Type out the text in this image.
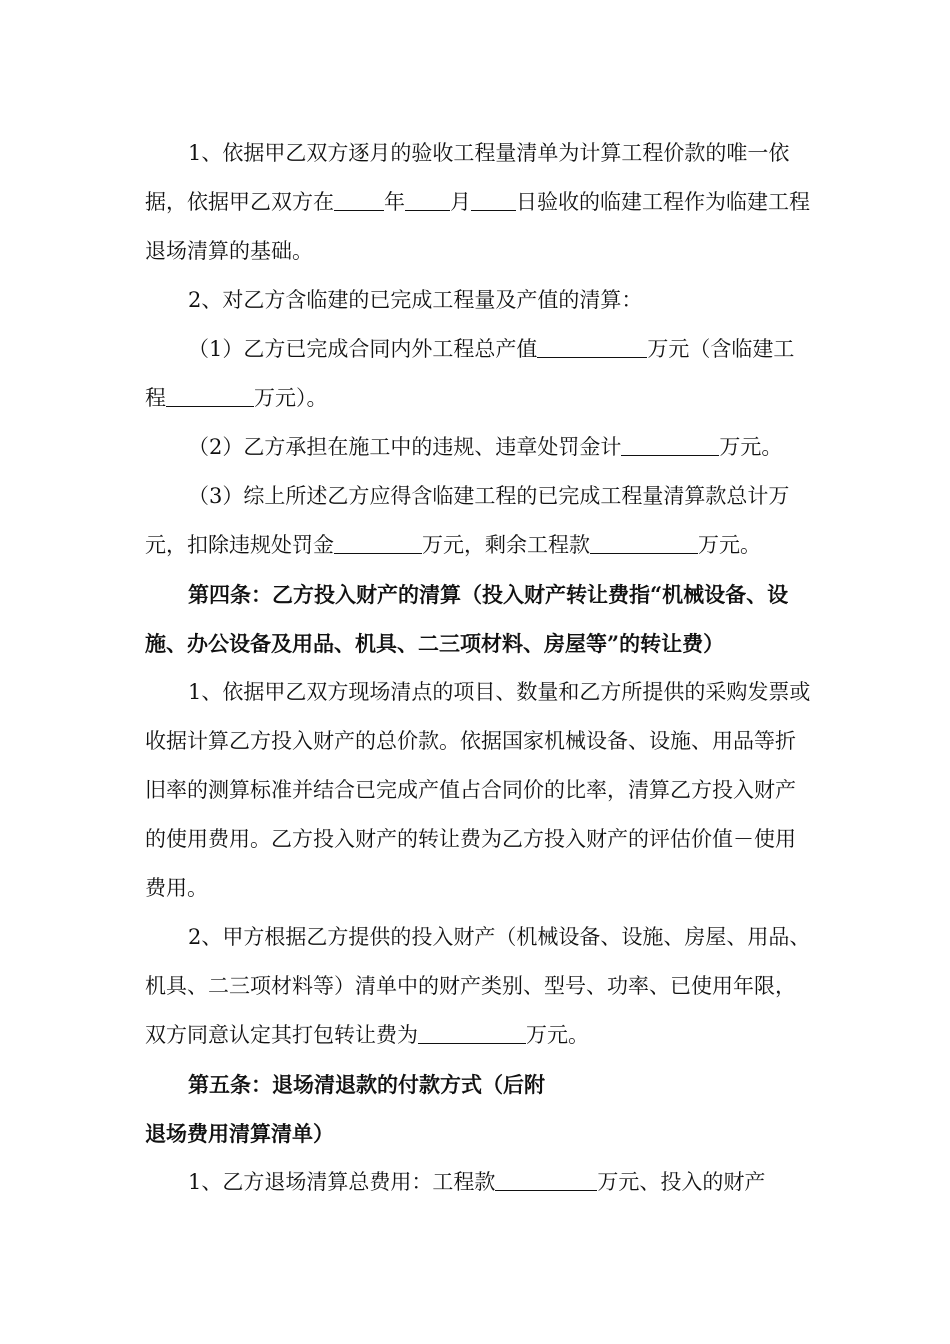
1、依据甲乙双方逐月的验收工程量清单为计算工程价款的唯一依据，依据甲乙双方在 年 月 日验收的临建工程作为临建工程退场清算的基础。

2、对乙方含临建的已完成工程量及产值的清算：

（1）乙方已完成合同内外工程总产值	万元（含临建工程	万元）。

（2）乙方承担在施工中的违规、违章处罚金计	万元。

（3）综上所述乙方应得含临建工程的已完成工程量清算款总计万元，扣除违规处罚金	万元，剩余工程款	万元。

第四条：乙方投入财产的清算（投入财产转让费指“机械设备、设施、办公设备及用品、机具、二三项材料、房屋等”的转让费）

1、依据甲乙双方现场清点的项目、数量和乙方所提供的采购发票或收据计算乙方投入财产的总价款。依据国家机械设备、设施、用品等折旧率的测算标准并结合已完成产值占合同价的比率，清算乙方投入财产的使用费用。乙方投入财产的转让费为乙方投入财产的评估价值－使用费用。

2、甲方根据乙方提供的投入财产（机械设备、设施、房屋、用品、机具、二三项材料等）清单中的财产类别、型号、功率、已使用年限，双方同意认定其打包转让费为	万元。

第五条：退场清退款的付款方式（后附退场费用清算清单）

1、乙方退场清算总费用：工程款	万元、投入的财产
